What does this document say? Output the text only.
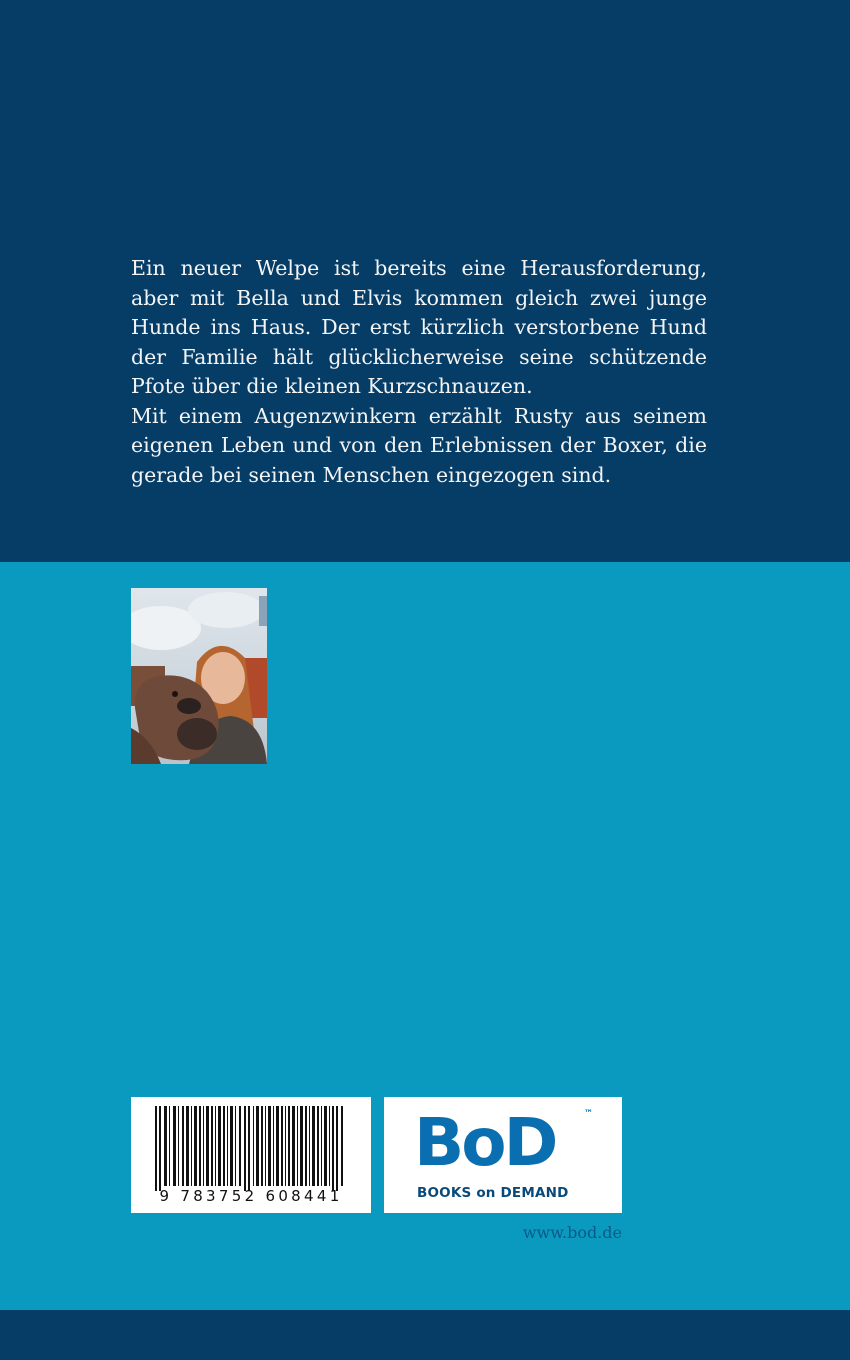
Ein neuer Welpe ist bereits eine Herausforderung, aber mit Bella und Elvis kommen gleich zwei junge Hunde ins Haus. Der erst kürzlich verstorbene Hund der Familie hält glücklicherweise seine schützende Pfote über die kleinen Kurzschnauzen.

Mit einem Augenzwinkern erzählt Rusty aus seinem eigenen Leben und von den Erlebnissen der Boxer, die gerade bei seinen Menschen eingezogen sind.

9 783752 608441
BoD	™
BOOKS on DEMAND
www.bod.de
